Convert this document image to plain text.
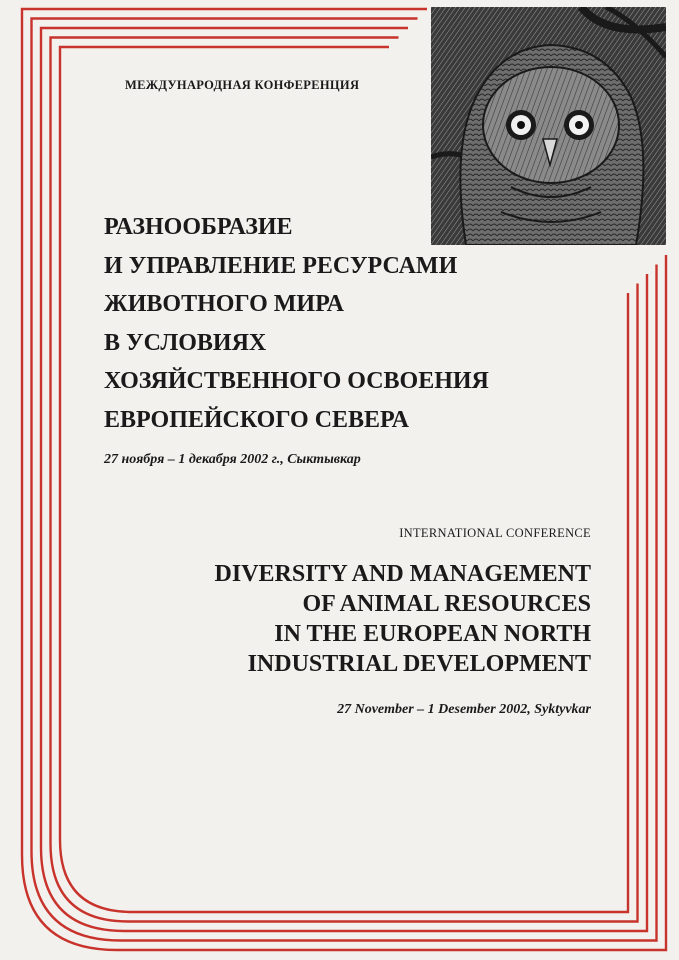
МЕЖДУНАРОДНАЯ КОНФЕРЕНЦИЯ

РАЗНООБРАЗИЕ
И УПРАВЛЕНИЕ РЕСУРСАМИ
ЖИВОТНОГО МИРА
В УСЛОВИЯХ
ХОЗЯЙСТВЕННОГО ОСВОЕНИЯ
ЕВРОПЕЙСКОГО СЕВЕРА

27 ноября – 1 декабря 2002 г., Сыктывкар

INTERNATIONAL CONFERENCE

DIVERSITY AND MANAGEMENT
OF ANIMAL RESOURCES
IN THE EUROPEAN NORTH
INDUSTRIAL DEVELOPMENT

27 November – 1 Desember 2002, Syktyvkar
